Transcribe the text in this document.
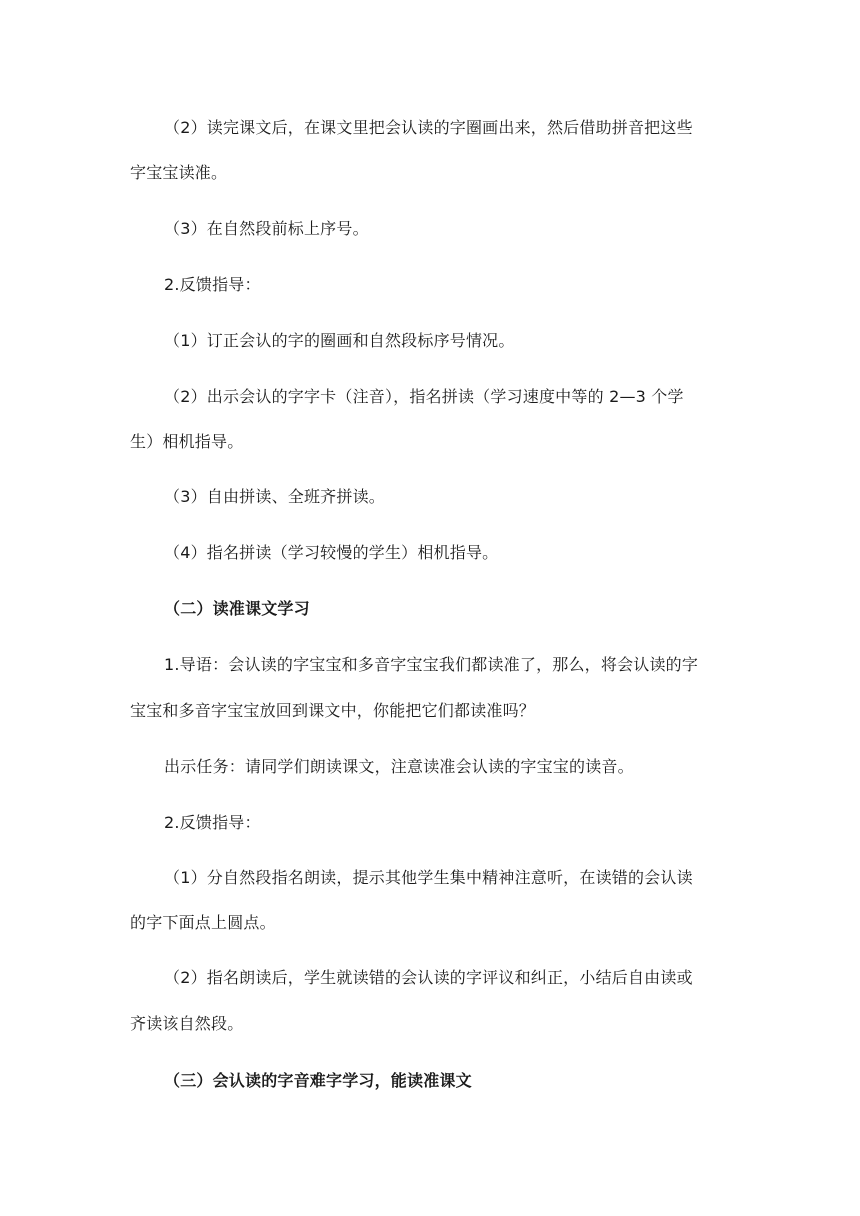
（2）读完课文后，在课文里把会认读的字圈画出来，然后借助拼音把这些
字宝宝读准。
（3）在自然段前标上序号。
2.反馈指导：
（1）订正会认的字的圈画和自然段标序号情况。
（2）出示会认的字字卡（注音），指名拼读（学习速度中等的 2—3 个学
生）相机指导。
（3）自由拼读、全班齐拼读。
（4）指名拼读（学习较慢的学生）相机指导。
（二）读准课文学习
1.导语：会认读的字宝宝和多音字宝宝我们都读准了，那么，将会认读的字
宝宝和多音字宝宝放回到课文中，你能把它们都读准吗？
出示任务：请同学们朗读课文，注意读准会认读的字宝宝的读音。
2.反馈指导：
（1）分自然段指名朗读，提示其他学生集中精神注意听，在读错的会认读
的字下面点上圆点。
（2）指名朗读后，学生就读错的会认读的字评议和纠正，小结后自由读或
齐读该自然段。
（三）会认读的字音难字学习，能读准课文
